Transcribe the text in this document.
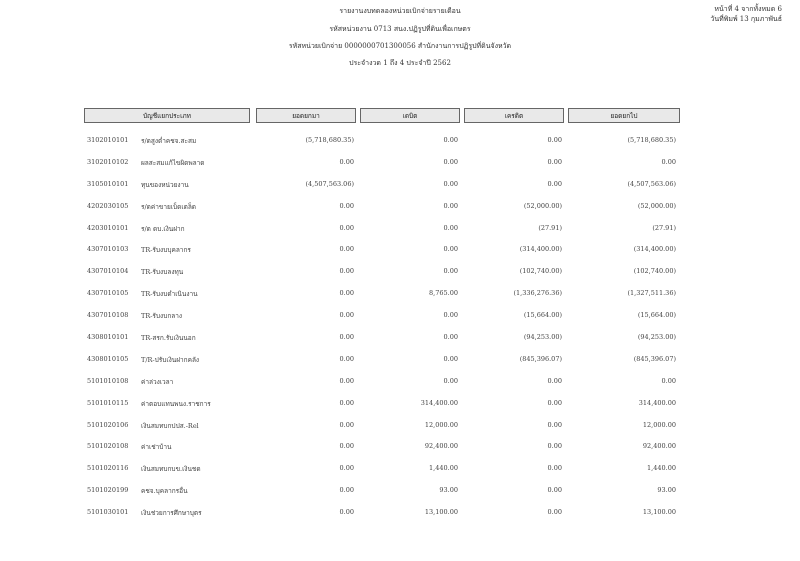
รายงานงบทดลองหน่วยเบิกจ่ายรายเดือน
รหัสหน่วยงาน 0713 สนง.ปฏิรูปที่ดินเพื่อเกษตร
รหัสหน่วยเบิกจ่าย 0000000701300056 สำนักงานการปฏิรูปที่ดินจังหวัด
ประจำงวด 1 ถึง 4 ประจำปี 2562
หน้าที่ 4 จากทั้งหมด 6
วันที่พิมพ์ 13 กุมภาพันธ์
บัญชีแยกประเภท	ยอดยกมา	เดบิต	เครดิต	ยอดยกไป
3102010101 ร/ดสูงต่ำคชจ.สะสม	(5,718,680.35)	0.00	0.00	(5,718,680.35)
3102010102 ผลสะสมแก้ไขผิดพลาด	0.00	0.00	0.00	0.00
3105010101 ทุนของหน่วยงาน	(4,507,563.06)	0.00	0.00	(4,507,563.06)
4202030105 ร/ดค่าขายเบ็ดเตล็ด	0.00	0.00	(52,000.00)	(52,000.00)
4203010101 ร/ด ดบ.เงินฝาก	0.00	0.00	(27.91)	(27.91)
4307010103 TR-รับงบบุคลากร	0.00	0.00	(314,400.00)	(314,400.00)
4307010104 TR-รับงบลงทุน	0.00	0.00	(102,740.00)	(102,740.00)
4307010105 TR-รับงบดำเนินงาน	0.00	8,765.00	(1,336,276.36)	(1,327,511.36)
4307010108 TR-รับงบกลาง	0.00	0.00	(15,664.00)	(15,664.00)
4308010101 TR-สรก.รับเงินนอก	0.00	0.00	(94,253.00)	(94,253.00)
4308010105 T/R-ปรับเงินฝากคลัง	0.00	0.00	(845,396.07)	(845,396.07)
5101010108 ค่าล่วงเวลา	0.00	0.00	0.00	0.00
5101010115 ค่าตอบแทนพนง.ราชการ	0.00	314,400.00	0.00	314,400.00
5101020106 เงินสมทบกปปส.-Rel	0.00	12,000.00	0.00	12,000.00
5101020108 ค่าเช่าบ้าน	0.00	92,400.00	0.00	92,400.00
5101020116 เงินสมทบกบข.เงินชด	0.00	1,440.00	0.00	1,440.00
5101020199 คชจ.บุคลากรอื่น	0.00	93.00	0.00	93.00
5101030101 เงินช่วยการศึกษาบุตร	0.00	13,100.00	0.00	13,100.00
